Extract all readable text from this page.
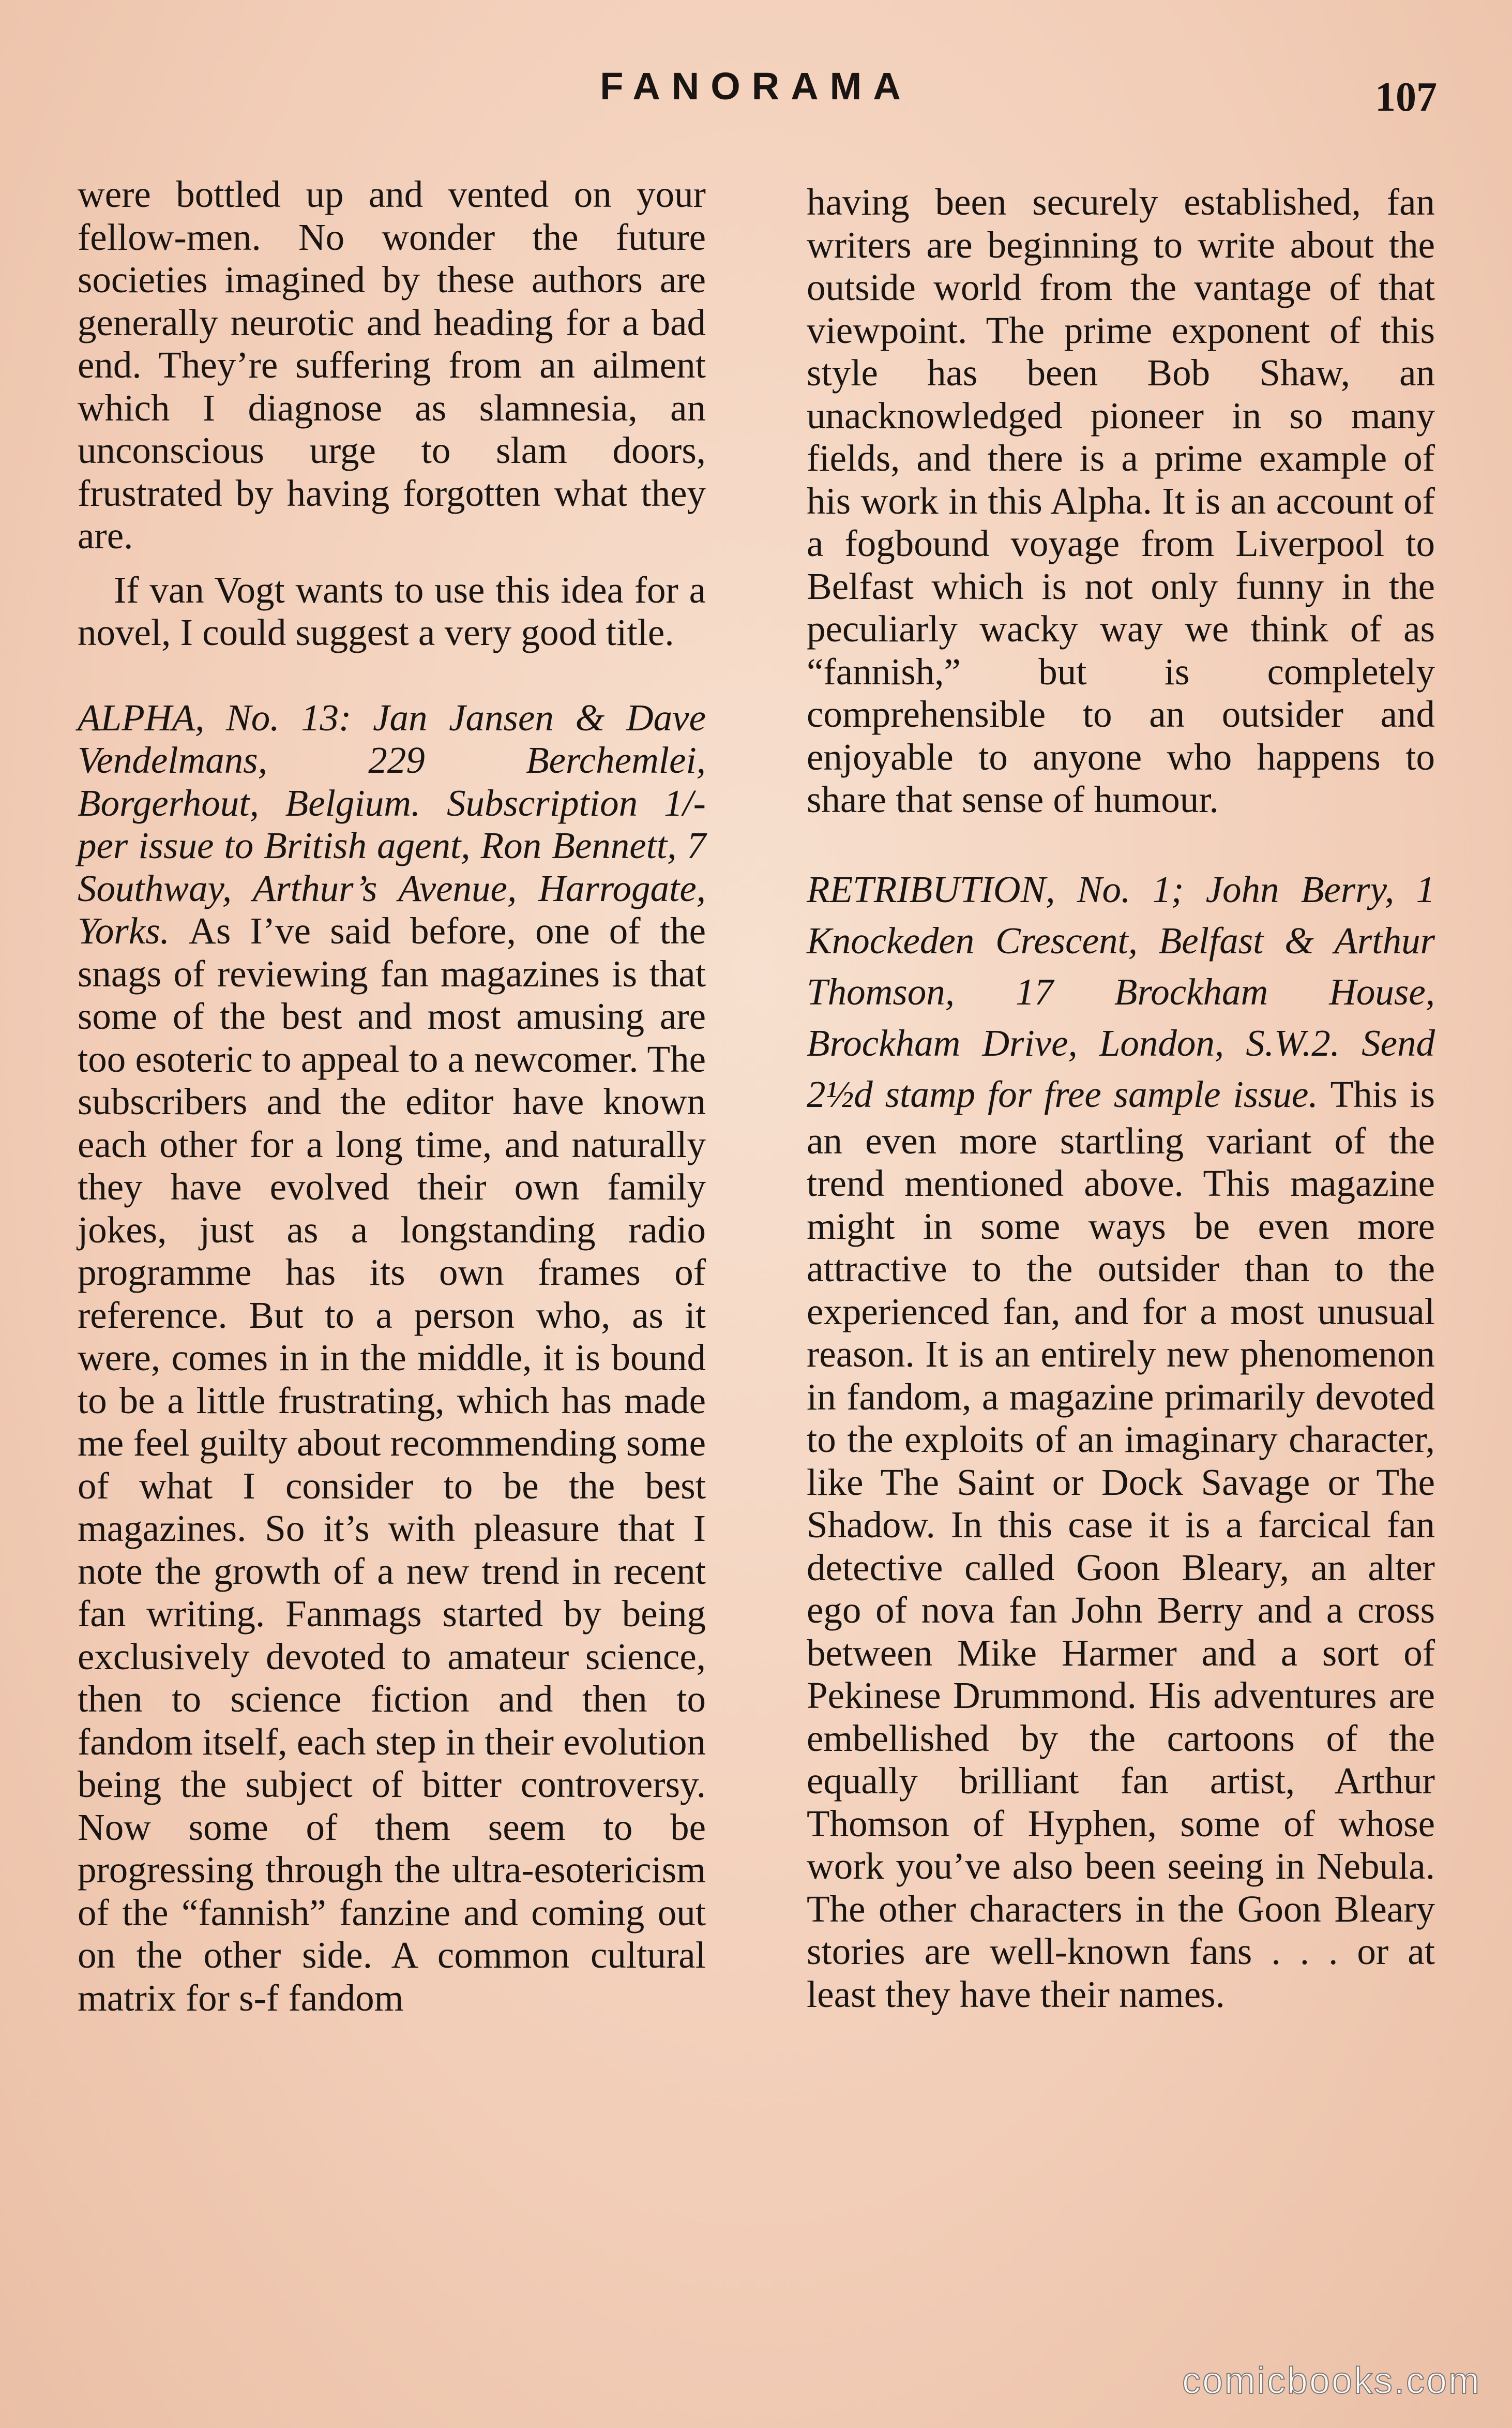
FANORAMA	107

were bottled up and vented on your fellow-men. No wonder the future societies imagined by these authors are generally neurotic and heading for a bad end. They’re suffering from an ailment which I diagnose as slamnesia, an unconscious urge to slam doors, frustrated by having forgotten what they are.

If van Vogt wants to use this idea for a novel, I could suggest a very good title.

ALPHA, No. 13: Jan Jansen & Dave Vendelmans, 229 Berchemlei, Borgerhout, Belgium. Subscription 1/- per issue to British agent, Ron Bennett, 7 Southway, Arthur’s Avenue, Harrogate, Yorks. As I’ve said before, one of the snags of reviewing fan magazines is that some of the best and most amusing are too esoteric to appeal to a newcomer. The subscribers and the editor have known each other for a long time, and naturally they have evolved their own family jokes, just as a longstanding radio programme has its own frames of reference. But to a person who, as it were, comes in in the middle, it is bound to be a little frustrating, which has made me feel guilty about recommending some of what I consider to be the best magazines. So it’s with pleasure that I note the growth of a new trend in recent fan writing. Fanmags started by being exclusively devoted to amateur science, then to science fiction and then to fandom itself, each step in their evolution being the subject of bitter controversy. Now some of them seem to be progressing through the ultra-esotericism of the “fannish” fanzine and coming out on the other side. A common cultural matrix for s-f fandom

having been securely established, fan writers are beginning to write about the outside world from the vantage of that viewpoint. The prime exponent of this style has been Bob Shaw, an unacknowledged pioneer in so many fields, and there is a prime example of his work in this Alpha. It is an account of a fogbound voyage from Liverpool to Belfast which is not only funny in the peculiarly wacky way we think of as “fannish,” but is completely comprehensible to an outsider and enjoyable to anyone who happens to share that sense of humour.

RETRIBUTION, No. 1; John Berry, 1 Knockeden Crescent, Belfast & Arthur Thomson, 17 Brockham House, Brockham Drive, London, S.W.2. Send 2½d stamp for free sample issue. This is an even more startling variant of the trend mentioned above. This magazine might in some ways be even more attractive to the outsider than to the experienced fan, and for a most unusual reason. It is an entirely new phenomenon in fandom, a magazine primarily devoted to the exploits of an imaginary character, like The Saint or Dock Savage or The Shadow. In this case it is a farcical fan detective called Goon Bleary, an alter ego of nova fan John Berry and a cross between Mike Harmer and a sort of Pekinese Drummond. His adventures are embellished by the cartoons of the equally brilliant fan artist, Arthur Thomson of Hyphen, some of whose work you’ve also been seeing in Nebula. The other characters in the Goon Bleary stories are well-known fans . . . or at least they have their names.

comicbooks.com
